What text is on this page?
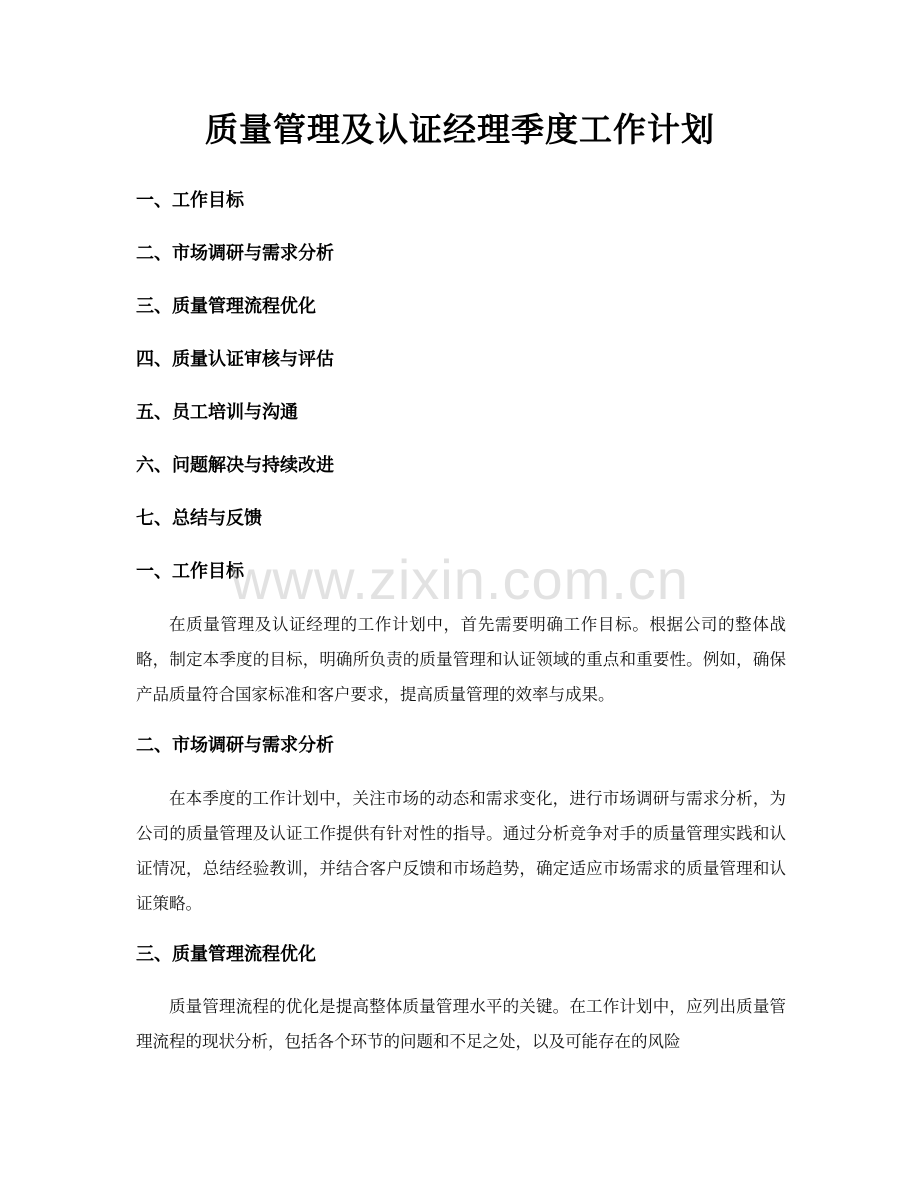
质量管理及认证经理季度工作计划
一、工作目标
二、市场调研与需求分析
三、质量管理流程优化
四、质量认证审核与评估
五、员工培训与沟通
六、问题解决与持续改进
七、总结与反馈
一、工作目标
在质量管理及认证经理的工作计划中，首先需要明确工作目标。根据公司的整体战略，制定本季度的目标，明确所负责的质量管理和认证领域的重点和重要性。例如，确保产品质量符合国家标准和客户要求，提高质量管理的效率与成果。
二、市场调研与需求分析
在本季度的工作计划中，关注市场的动态和需求变化，进行市场调研与需求分析，为公司的质量管理及认证工作提供有针对性的指导。通过分析竞争对手的质量管理实践和认证情况，总结经验教训，并结合客户反馈和市场趋势，确定适应市场需求的质量管理和认证策略。
三、质量管理流程优化
质量管理流程的优化是提高整体质量管理水平的关键。在工作计划中，应列出质量管理流程的现状分析，包括各个环节的问题和不足之处，以及可能存在的风险
www.zixin.com.cn
